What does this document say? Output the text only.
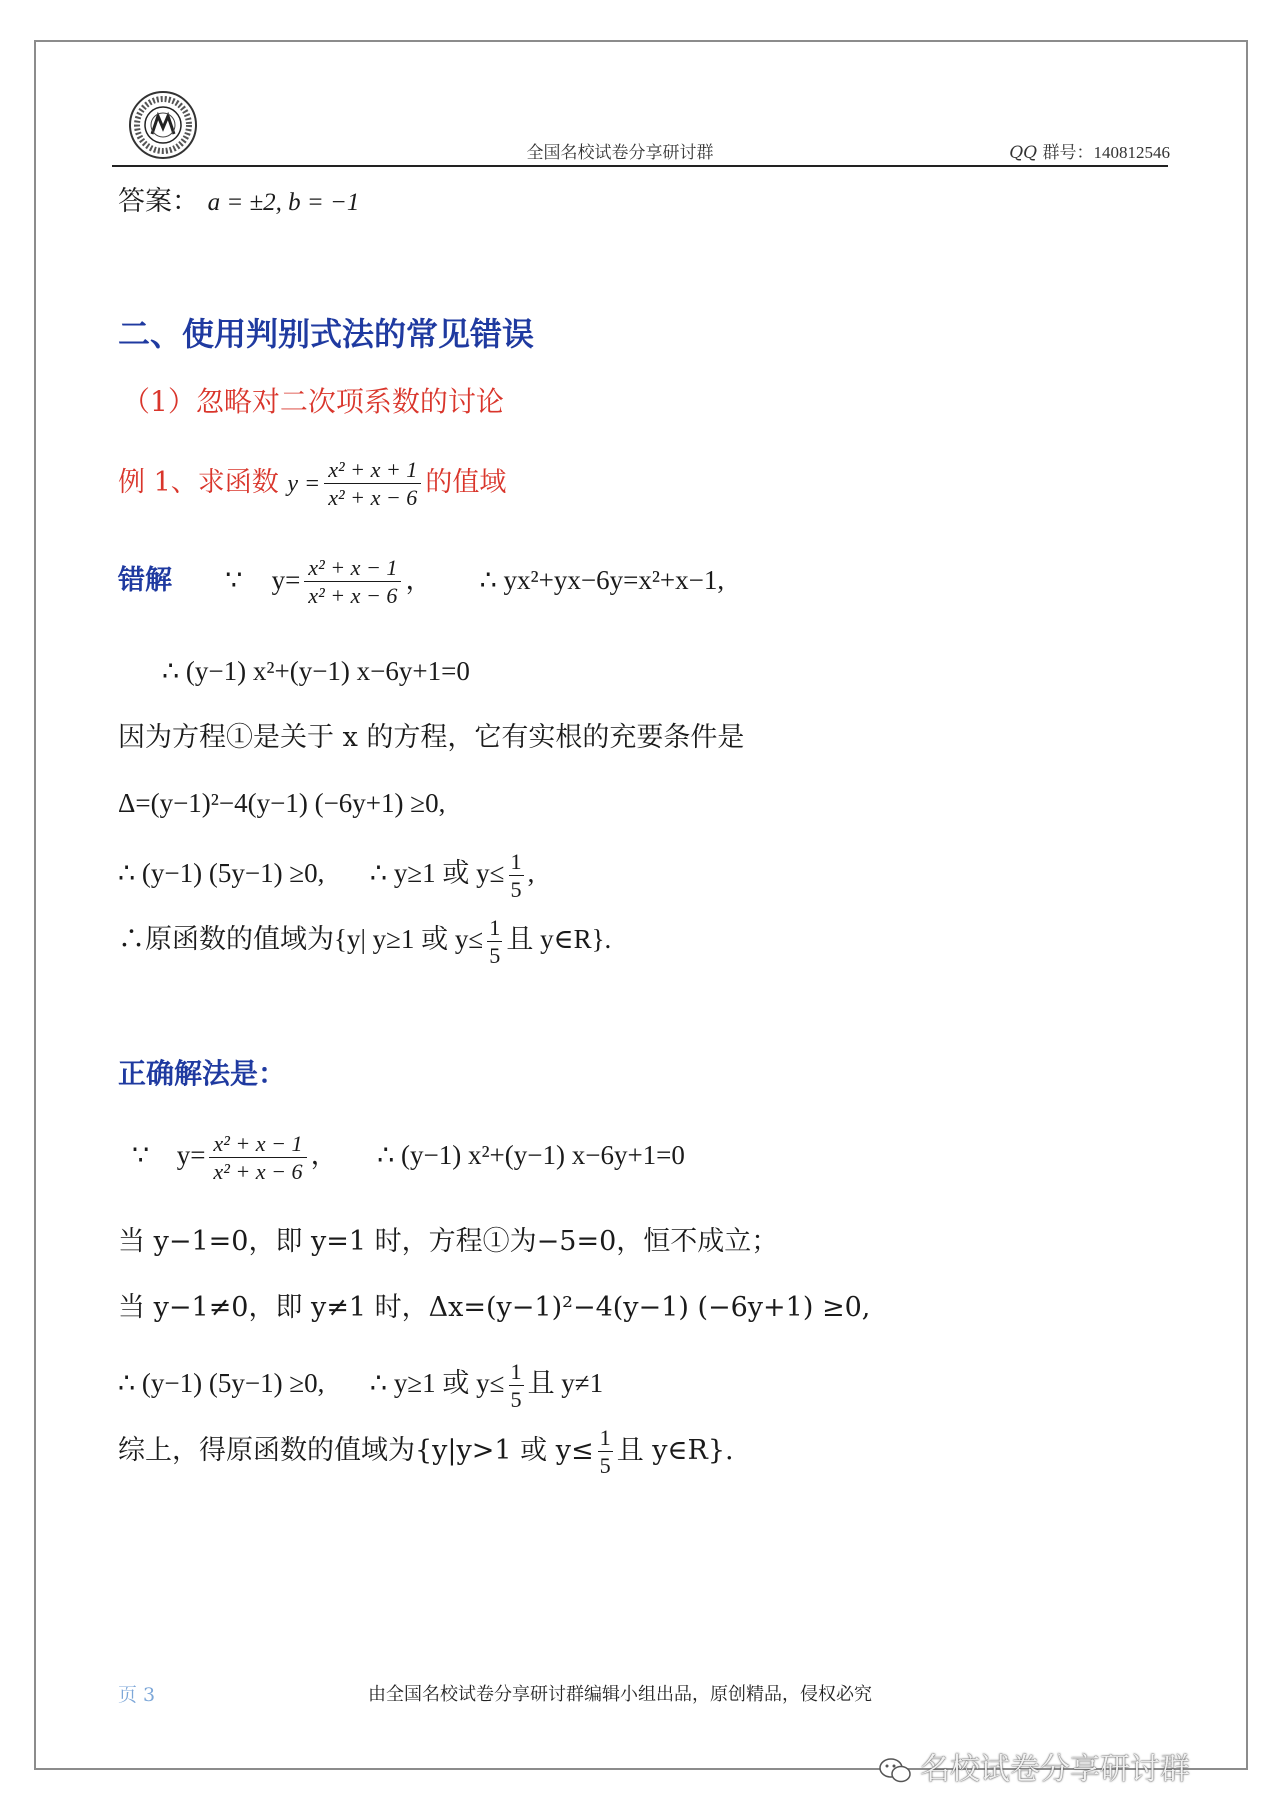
全国名校试卷分享研讨群	QQ 群号：140812546
答案： a = ±2, b = −1
二、使用判别式法的常见错误
（1）忽略对二次项系数的讨论
例 1、求函数 $y = \frac{\text{x² + x + 1}}{\text{x² + x − 6}}$ 的值域
错解 ∵ $y= \frac{\text{x² + x − 1}}{\text{x² + x − 6}}$ ， ∴ yx²+yx−6y=x²+x−1,
∴ (y−1) x²+(y−1) x−6y+1=0
因为方程①是关于 x 的方程，它有实根的充要条件是
Δ=(y−1)²−4(y−1) (−6y+1) ≥0,
∴ (y−1) (5y−1) ≥0, ∴ y≥1 或 $y\le \frac{1}{5}$ ,
∴原函数的值域为{y| y≥1 或 $y\le \frac{1}{5}$ 且 y∈R}.
正确解法是：
∵ $y= \frac{\text{x² + x − 1}}{\text{x² + x − 6}}$ ， ∴ (y−1) x²+(y−1) x−6y+1=0
当 y−1=0，即 y=1 时，方程①为−5=0，恒不成立；
当 y−1≠0，即 y≠1 时，Δx=(y−1)²−4(y−1) (−6y+1) ≥0,
∴ (y−1) (5y−1) ≥0, ∴ y≥1 或 $y\le \frac{1}{5}$ 且 y≠1
综上，得原函数的值域为{y|y>1 或 $y\le \frac{1}{5}$ 且 y∈R}.
页 3	由全国名校试卷分享研讨群编辑小组出品，原创精品，侵权必究
名校试卷分享研讨群
